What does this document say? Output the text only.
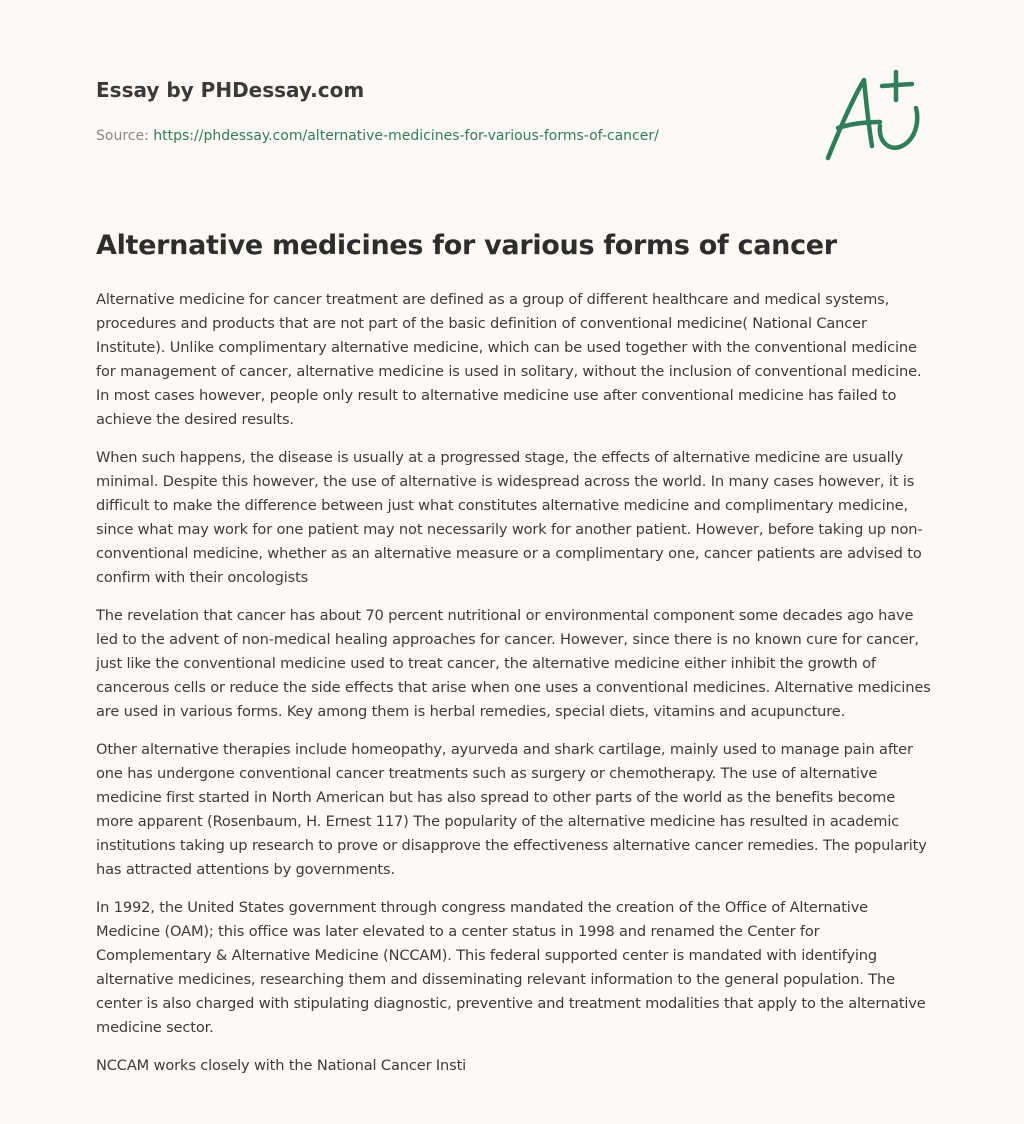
Essay by PHDessay.com
Source: https://phdessay.com/alternative-medicines-for-various-forms-of-cancer/
Alternative medicines for various forms of cancer

Alternative medicine for cancer treatment are defined as a group of different healthcare and medical systems, procedures and products that are not part of the basic definition of conventional medicine( National Cancer Institute). Unlike complimentary alternative medicine, which can be used together with the conventional medicine for management of cancer, alternative medicine is used in solitary, without the inclusion of conventional medicine. In most cases however, people only result to alternative medicine use after conventional medicine has failed to achieve the desired results.

When such happens, the disease is usually at a progressed stage, the effects of alternative medicine are usually minimal. Despite this however, the use of alternative is widespread across the world. In many cases however, it is difficult to make the difference between just what constitutes alternative medicine and complimentary medicine, since what may work for one patient may not necessarily work for another patient. However, before taking up non-conventional medicine, whether as an alternative measure or a complimentary one, cancer patients are advised to confirm with their oncologists

The revelation that cancer has about 70 percent nutritional or environmental component some decades ago have led to the advent of non-medical healing approaches for cancer. However, since there is no known cure for cancer, just like the conventional medicine used to treat cancer, the alternative medicine either inhibit the growth of cancerous cells or reduce the side effects that arise when one uses a conventional medicines. Alternative medicines are used in various forms. Key among them is herbal remedies, special diets, vitamins and acupuncture.

Other alternative therapies include homeopathy, ayurveda and shark cartilage, mainly used to manage pain after one has undergone conventional cancer treatments such as surgery or chemotherapy. The use of alternative medicine first started in North American but has also spread to other parts of the world as the benefits become more apparent (Rosenbaum, H. Ernest 117) The popularity of the alternative medicine has resulted in academic institutions taking up research to prove or disapprove the effectiveness alternative cancer remedies. The popularity has attracted attentions by governments.

In 1992, the United States government through congress mandated the creation of the Office of Alternative Medicine (OAM); this office was later elevated to a center status in 1998 and renamed the Center for Complementary & Alternative Medicine (NCCAM). This federal supported center is mandated with identifying alternative medicines, researching them and disseminating relevant information to the general population. The center is also charged with stipulating diagnostic, preventive and treatment modalities that apply to the alternative medicine sector.

NCCAM works closely with the National Cancer Insti
